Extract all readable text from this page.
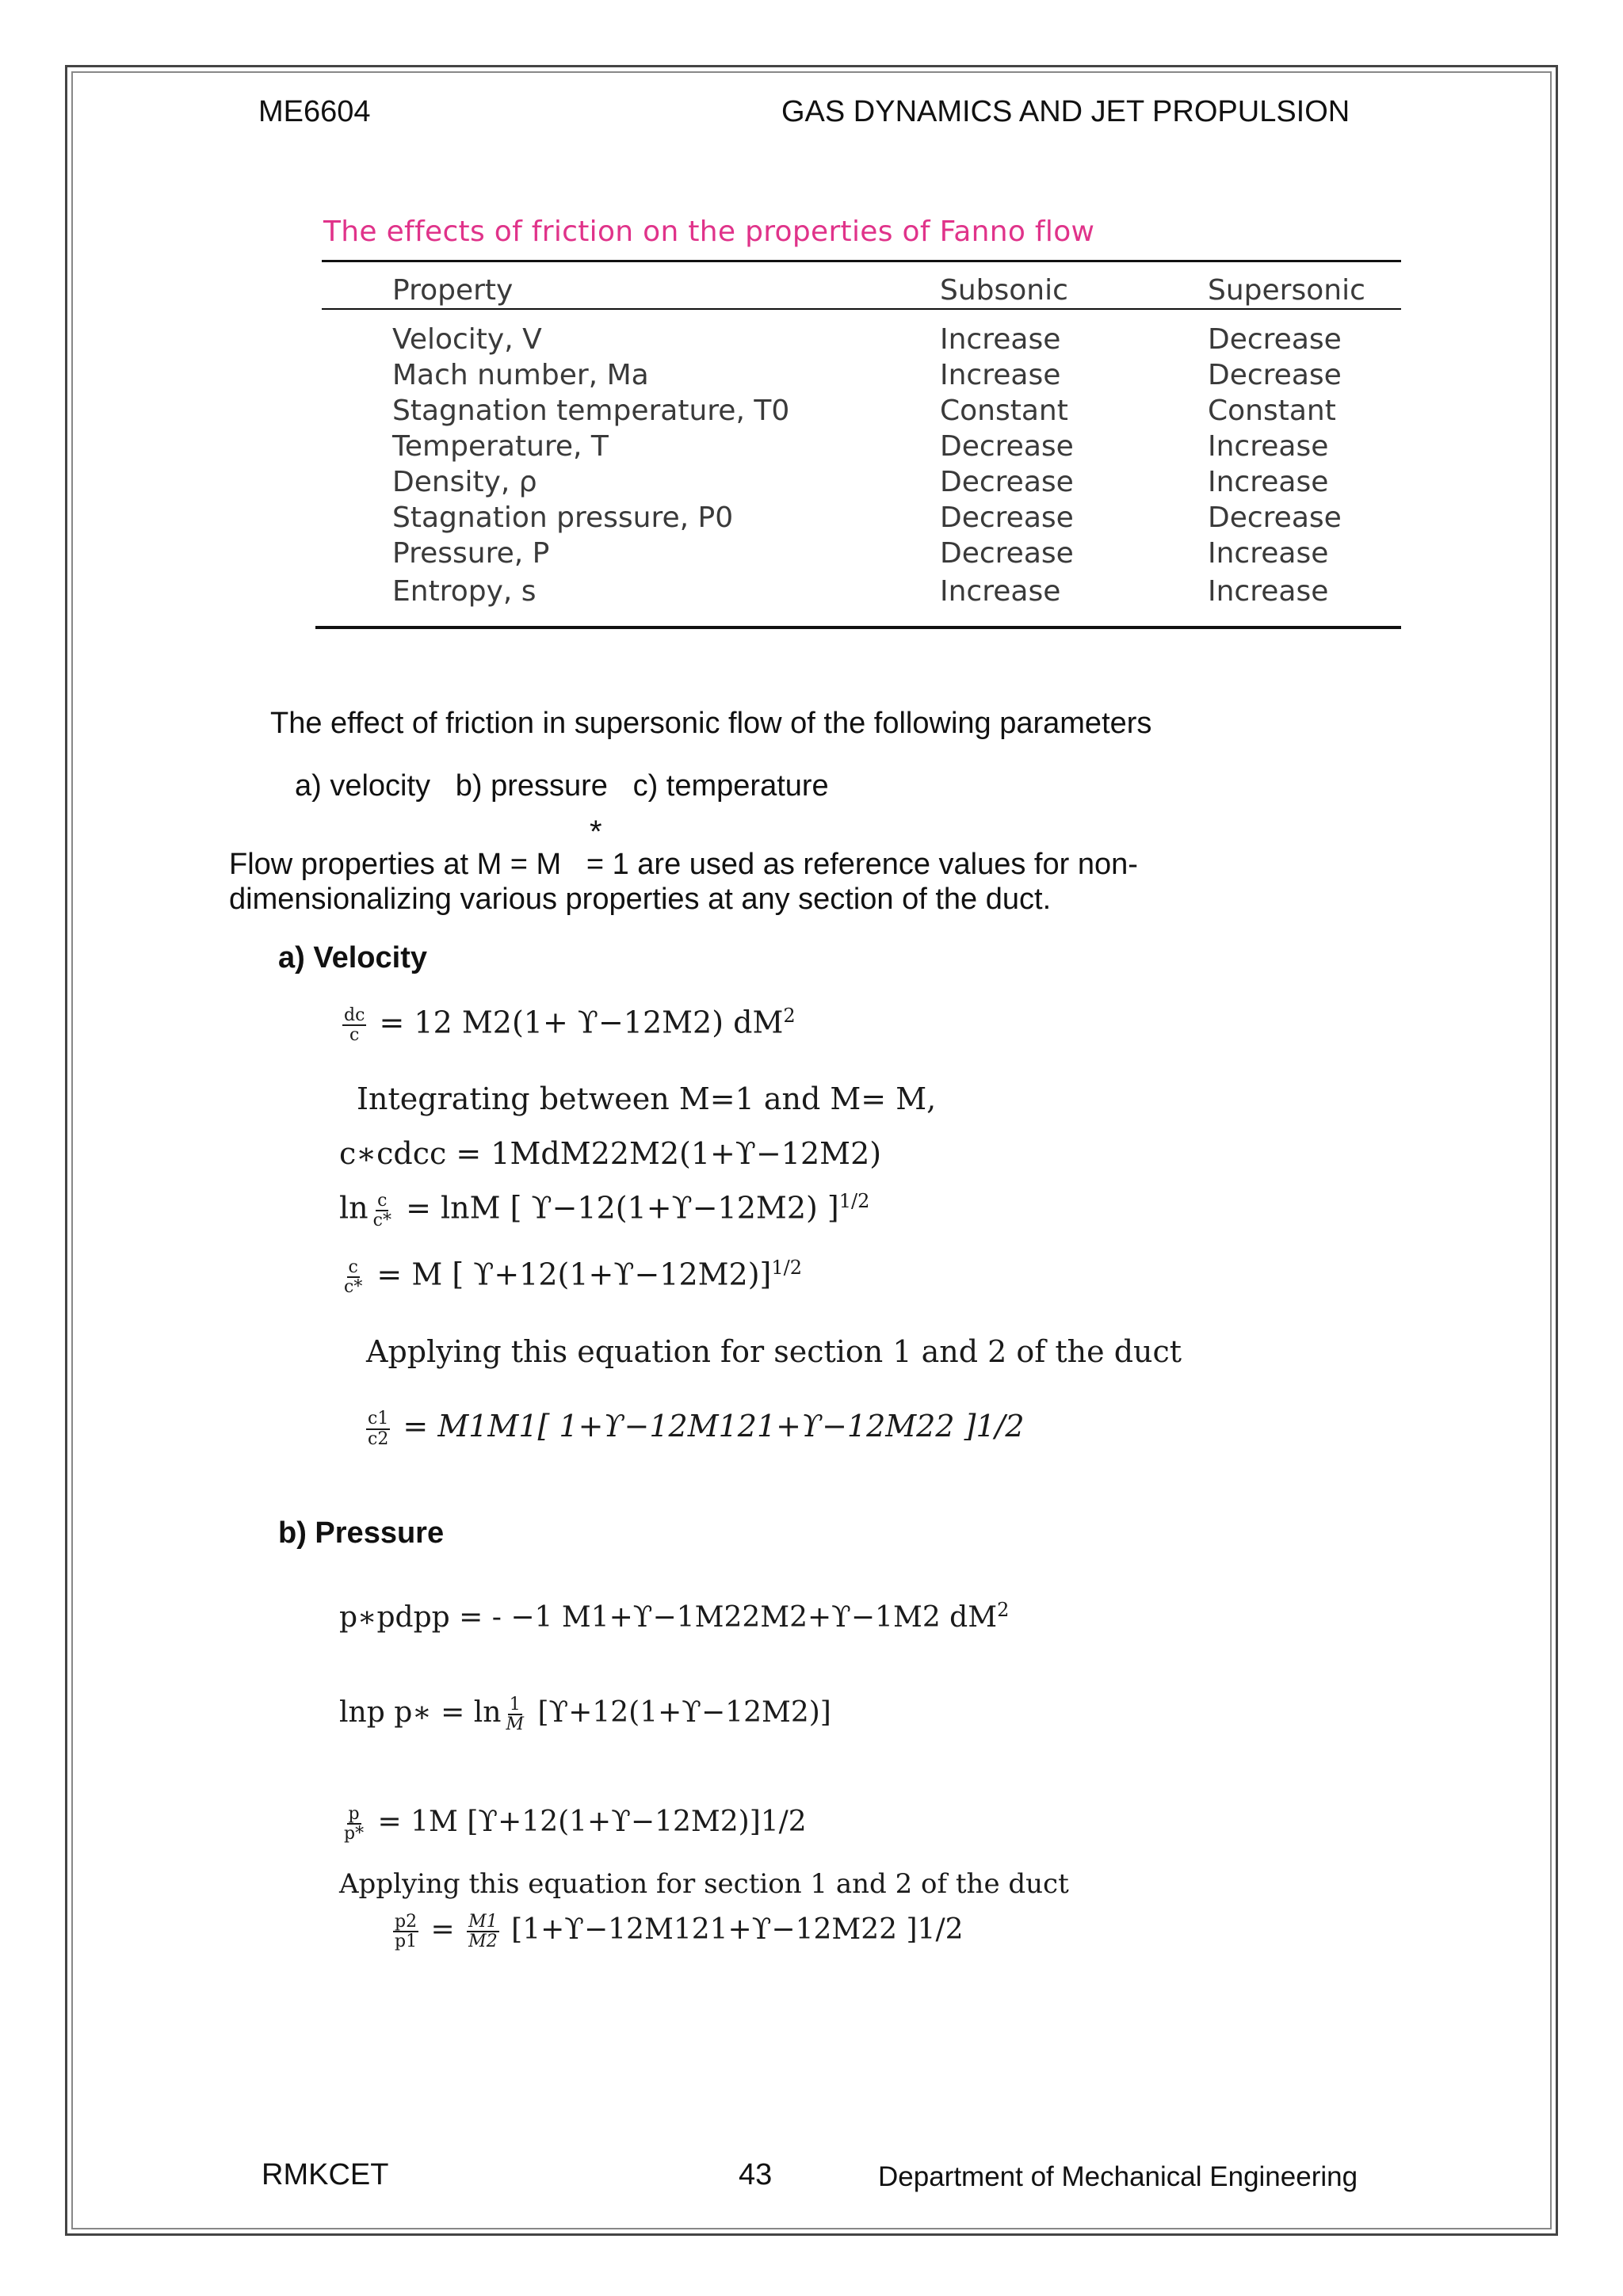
ME6604	GAS DYNAMICS AND JET PROPULSION
The effects of friction on the properties of Fanno flow
Property	Subsonic	Supersonic
Velocity, V	Increase	Decrease
Mach number, Ma	Increase	Decrease
Stagnation temperature, T0	Constant	Constant
Temperature, T	Decrease	Increase
Density, ρ	Decrease	Increase
Stagnation pressure, P0	Decrease	Decrease
Pressure, P	Decrease	Increase
Entropy, s	Increase	Increase
The effect of friction in supersonic flow of the following parameters
a) velocity   b) pressure   c) temperature
*
Flow properties at M = M   = 1 are used as reference values for non-
dimensionalizing various properties at any section of the duct.
a) Velocity
$\frac{dc}{c} = 12$ M2(1+ ϒ−12M2) $dM^2$
Integrating between M=1 and M= M,
c∗cdcc = 1MdM22M2(1+ϒ−12M2)
$\ln \frac{c}{c*} = \ln M$ [ ϒ−12(1+ϒ−12M2) ]$^{1/2}$
$\frac{c}{c*} = M$ [ ϒ+12(1+ϒ−12M2)]$^{1/2}$
Applying this equation for section 1 and 2 of the duct
$\frac{c1}{c2} = M1M1$[ 1+ϒ−12M121+ϒ−12M22 ]1/2
b) Pressure
p∗pdpp = - −1 M1+ϒ−1M22M2+ϒ−1M2 $dM^2$
lnp p∗ = $\ln \frac{1}{M} [ϒ+12(1+ϒ-12M2)]$
$\frac{p}{p*} = 1M$ [ϒ+12(1+ϒ−12M2)]1/2
Applying this equation for section 1 and 2 of the duct
$\frac{p2}{p1} = \frac{M1}{M2} [1+ϒ-12M121+ϒ-12M22$ ]1/2
RMKCET	43	Department of Mechanical Engineering
